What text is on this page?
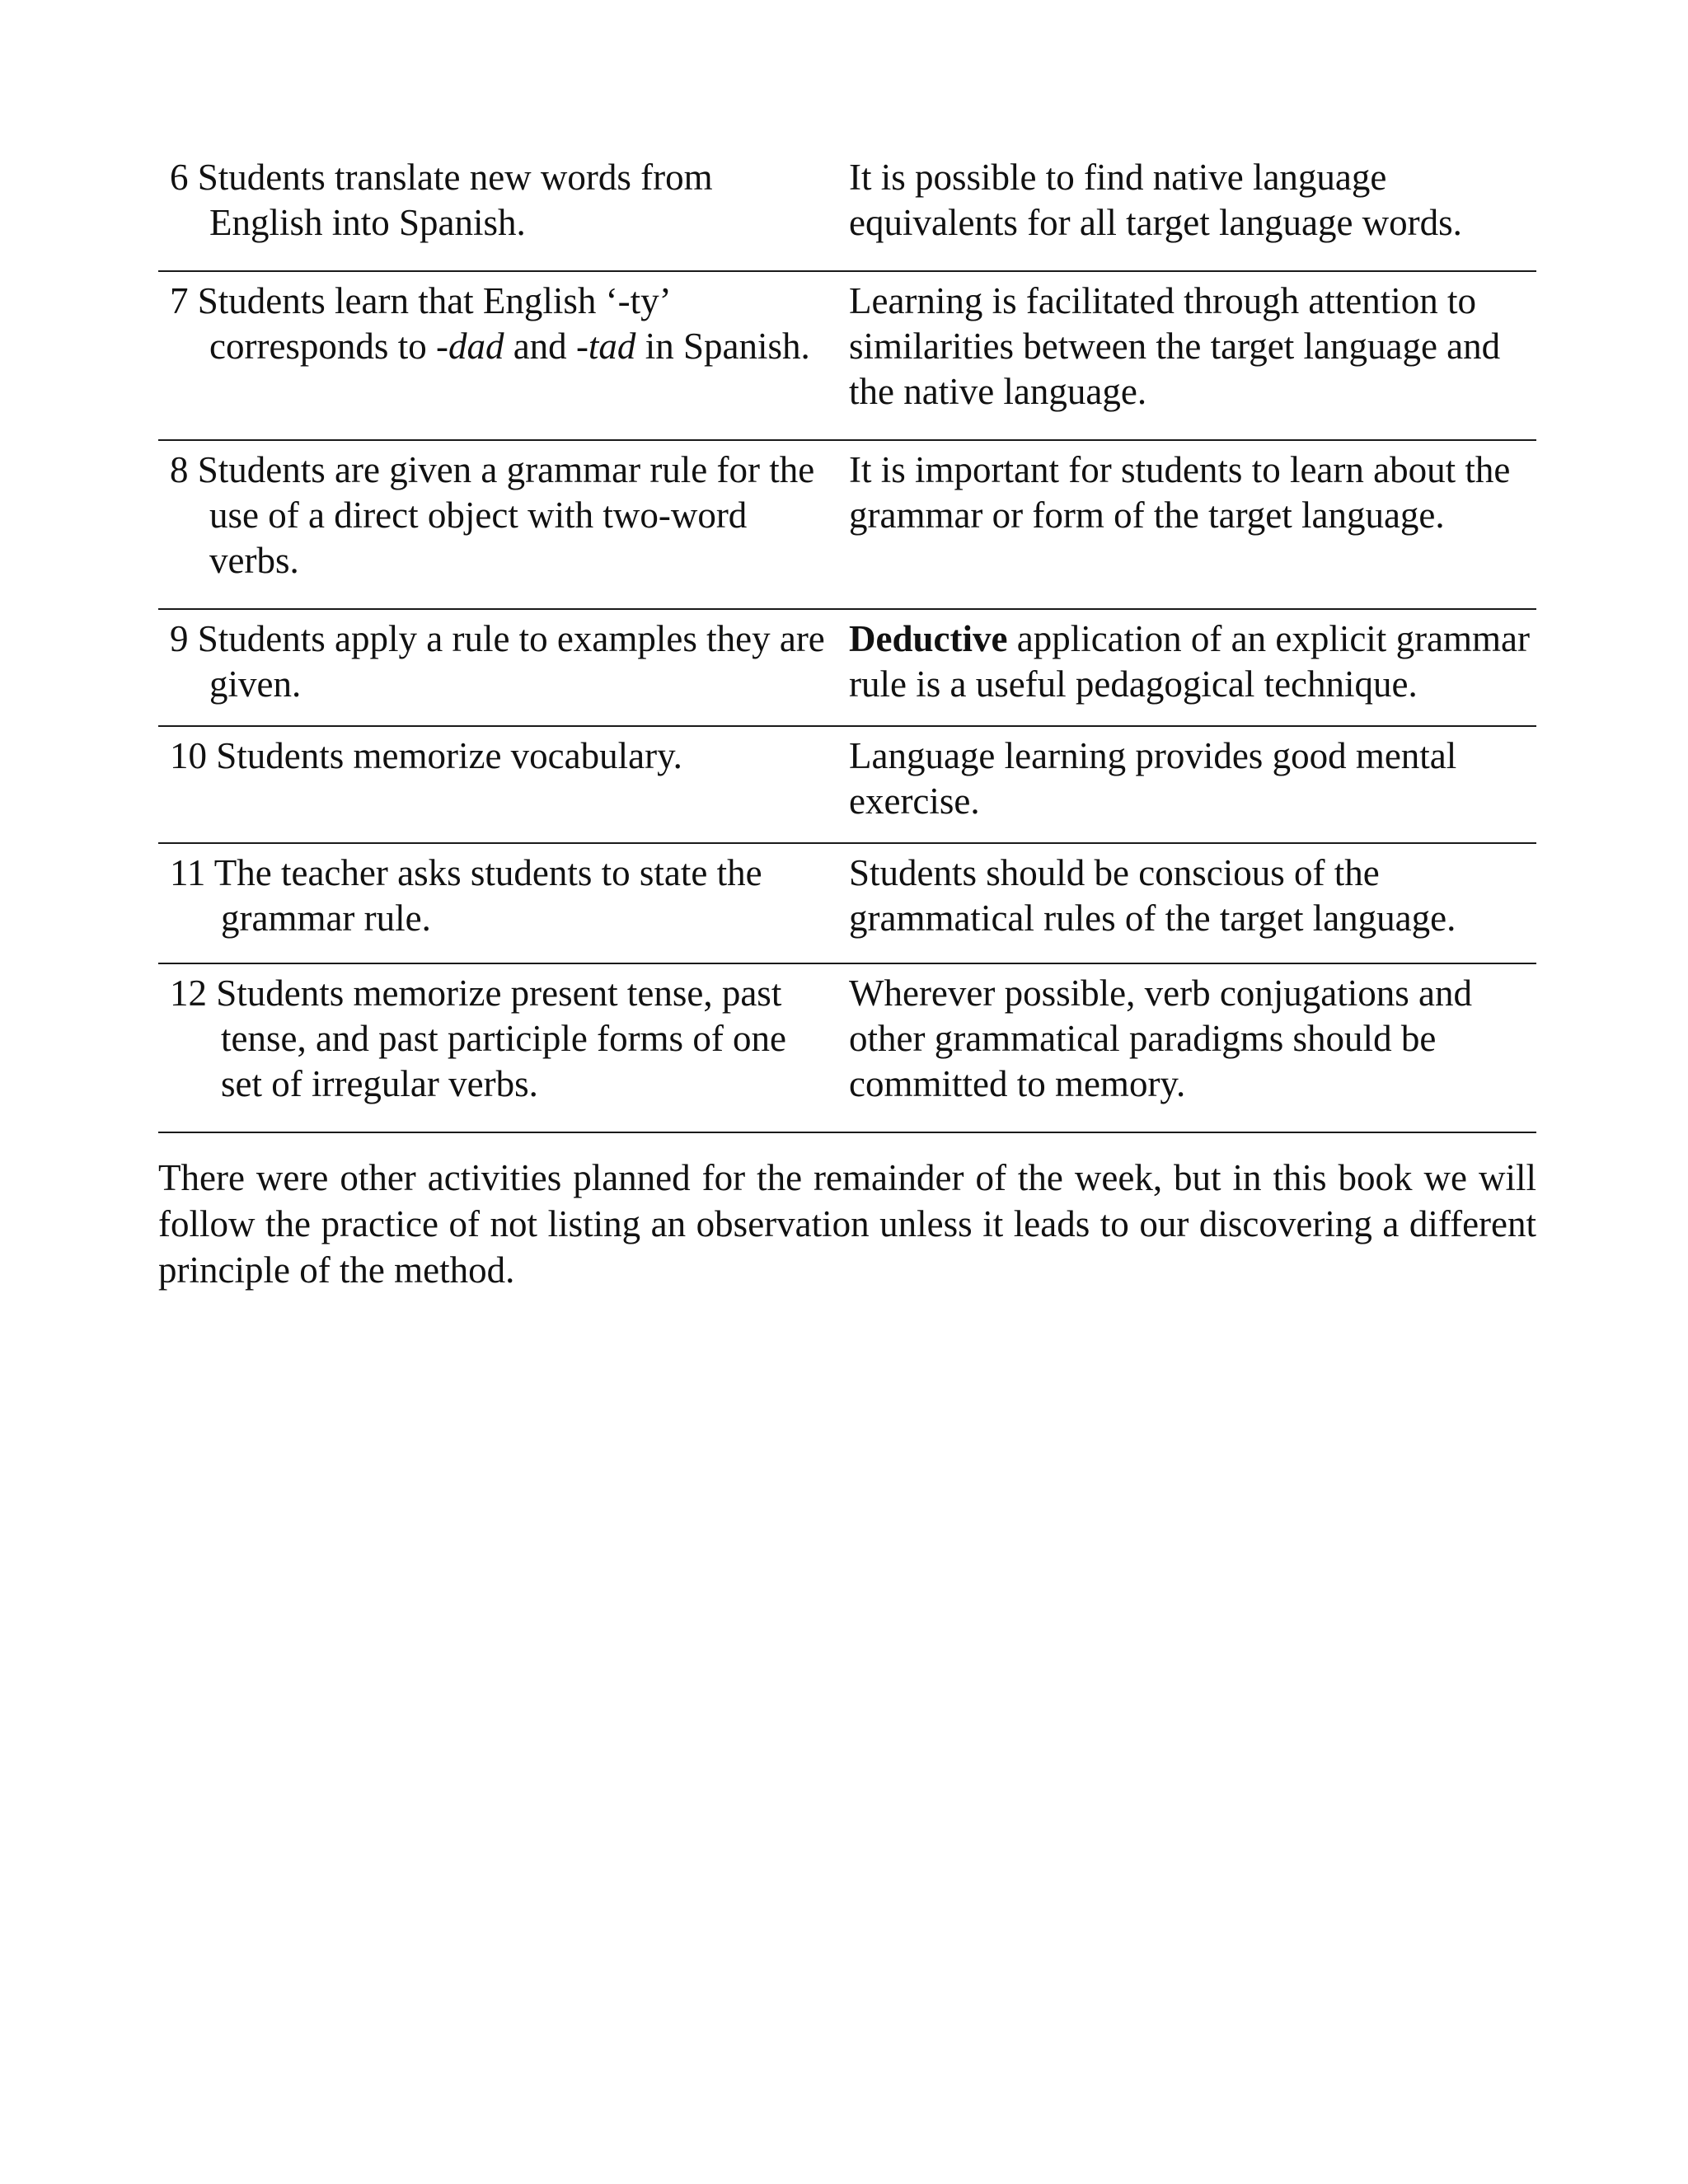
6 Students translate new words from English into Spanish.	It is possible to find native language equivalents for all target language words.

7 Students learn that English ‘-ty’ corresponds to -dad and -tad in Spanish.	Learning is facilitated through attention to similarities between the target language and the native language.

8 Students are given a grammar rule for the use of a direct object with two-word verbs.	It is important for students to learn about the grammar or form of the target language.

9 Students apply a rule to examples they are given.	Deductive application of an explicit grammar rule is a useful pedagogical technique.

10 Students memorize vocabulary.	Language learning provides good mental exercise.

11 The teacher asks students to state the grammar rule.	Students should be conscious of the grammatical rules of the target language.

12 Students memorize present tense, past tense, and past participle forms of one set of irregular verbs.	Wherever possible, verb conjugations and other grammatical paradigms should be committed to memory.

There were other activities planned for the remainder of the week, but in this book we will follow the practice of not listing an observation unless it leads to our discovering a different principle of the method.
